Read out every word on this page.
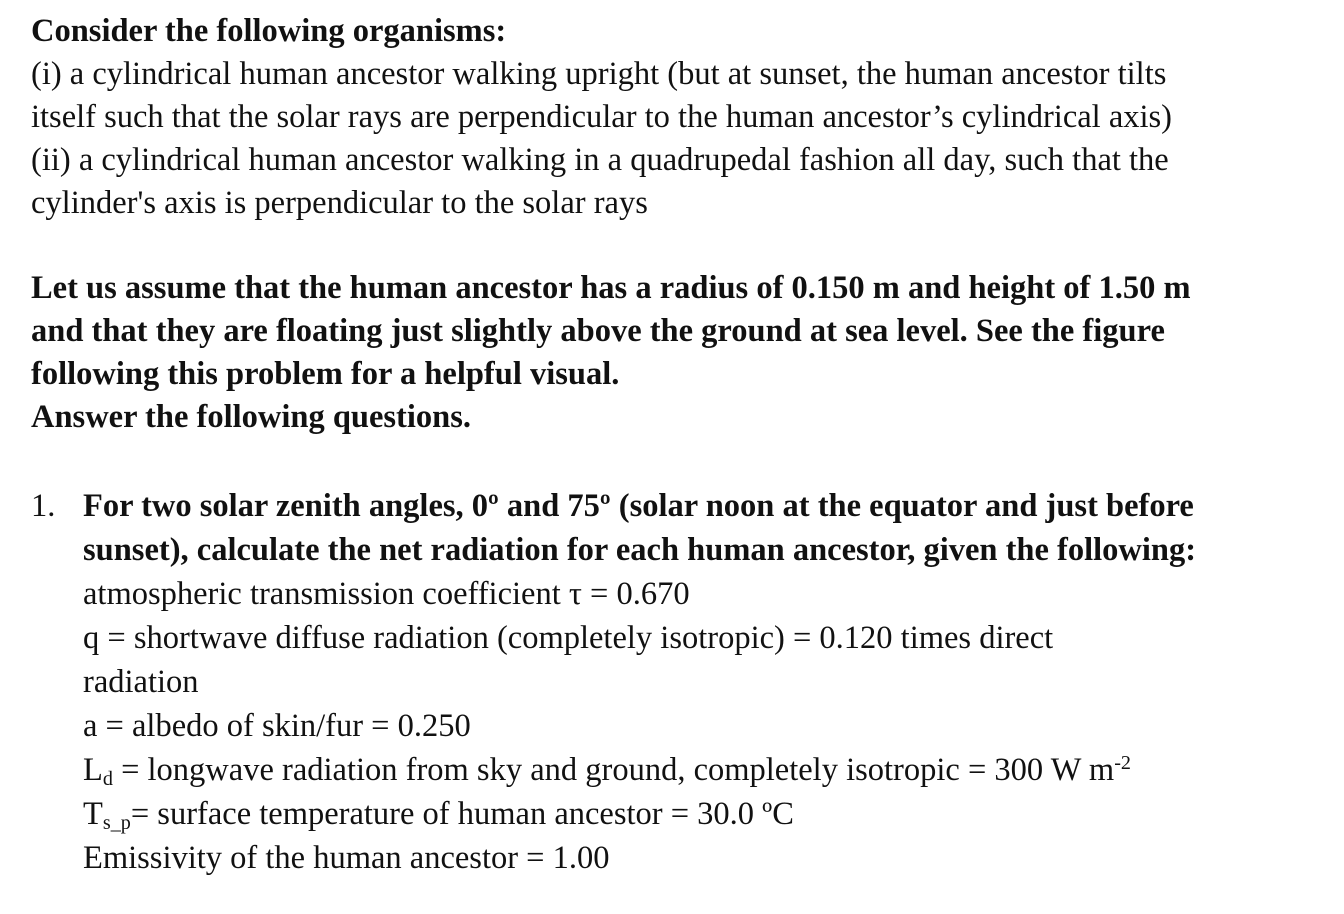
Consider the following organisms:
(i) a cylindrical human ancestor walking upright (but at sunset, the human ancestor tilts
itself such that the solar rays are perpendicular to the human ancestor’s cylindrical axis)
(ii) a cylindrical human ancestor walking in a quadrupedal fashion all day, such that the
cylinder's axis is perpendicular to the solar rays
Let us assume that the human ancestor has a radius of 0.150 m and height of 1.50 m
and that they are floating just slightly above the ground at sea level. See the figure
following this problem for a helpful visual.
Answer the following questions.
1. For two solar zenith angles, 0º and 75º (solar noon at the equator and just before
sunset), calculate the net radiation for each human ancestor, given the following:
atmospheric transmission coefficient τ = 0.670
q = shortwave diffuse radiation (completely isotropic) = 0.120 times direct
radiation
a = albedo of skin/fur = 0.250
$L_d$ = longwave radiation from sky and ground, completely isotropic = 300 W $m^{-2}$
$T_{s\_p}=$ surface temperature of human ancestor = 30.0 ºC
Emissivity of the human ancestor = 1.00
